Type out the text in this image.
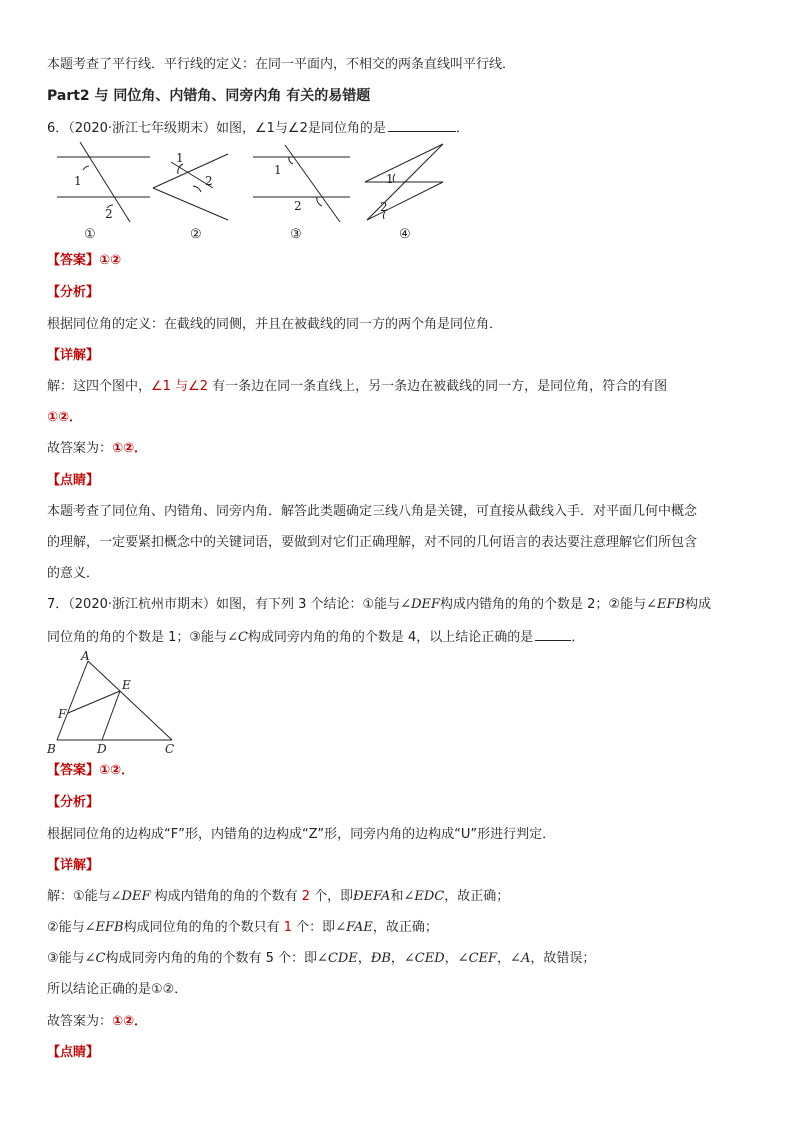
本题考查了平行线．平行线的定义：在同一平面内，不相交的两条直线叫平行线．
Part2 与 同位角、内错角、同旁内角 有关的易错题
6．（2020·浙江七年级期末）如图，∠1与∠2是同位角的是	．
1
2
1
2
1
2
1
2
①	②	③	④
【答案】①②
【分析】
根据同位角的定义：在截线的同侧，并且在被截线的同一方的两个角是同位角．
【详解】
解：这四个图中，∠1 与∠2 有一条边在同一条直线上，另一条边在被截线的同一方，是同位角，符合的有图
①②．
故答案为：①②．
【点睛】
本题考查了同位角、内错角、同旁内角．解答此类题确定三线八角是关键，可直接从截线入手．对平面几何中概念
的理解，一定要紧扣概念中的关键词语，要做到对它们正确理解，对不同的几何语言的表达要注意理解它们所包含
的意义．
7．（2020·浙江杭州市期末）如图，有下列 3 个结论：①能与∠DEF构成内错角的角的个数是 2；②能与∠EFB构成
同位角的角的个数是 1；③能与∠C构成同旁内角的角的个数是 4，以上结论正确的是	．
A
E
F
B	D	C
【答案】①②．
【分析】
根据同位角的边构成“F”形，内错角的边构成“Z”形，同旁内角的边构成“U”形进行判定．
【详解】
解：①能与∠DEF 构成内错角的角的个数有 2 个，即ÐEFA和∠EDC，故正确；
②能与∠EFB构成同位角的角的个数只有 1 个：即∠FAE，故正确；
③能与∠C构成同旁内角的角的个数有 5 个：即∠CDE，ÐB，∠CED，∠CEF，∠A，故错误；
所以结论正确的是①②．
故答案为：①②．
【点睛】
